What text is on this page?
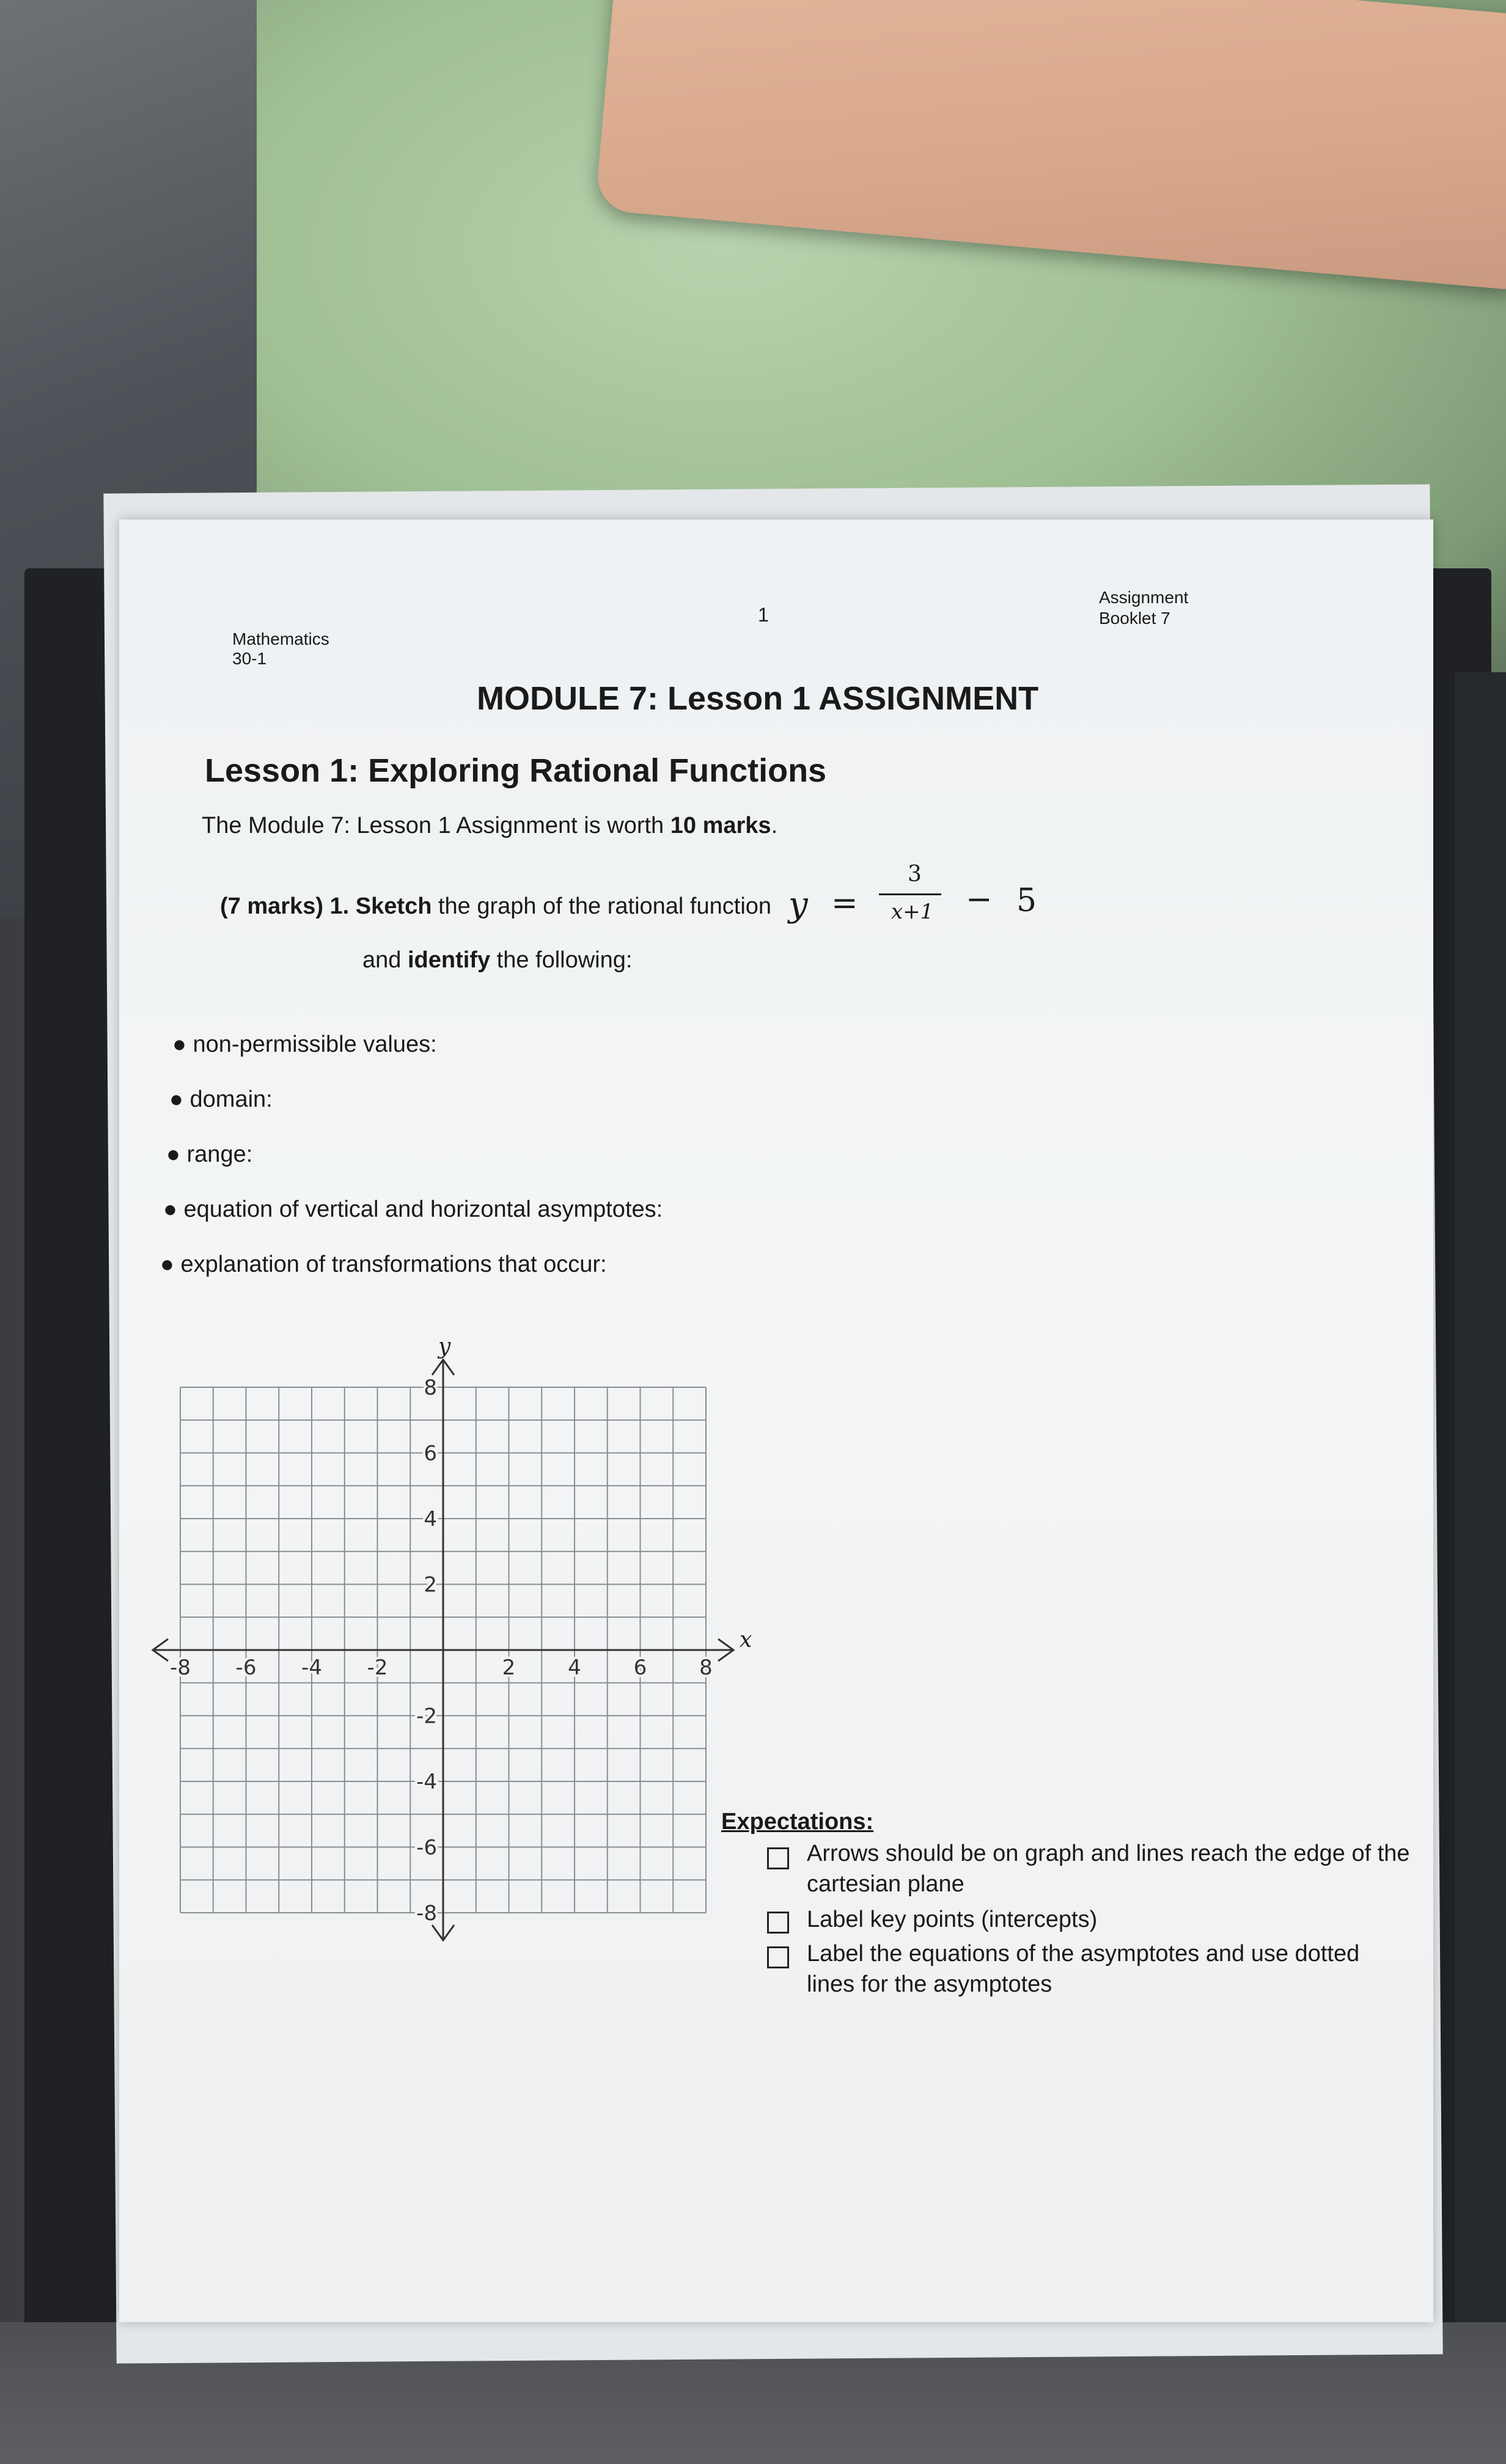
Mathematics
30-1
1
Assignment
Booklet 7
MODULE 7: Lesson 1 ASSIGNMENT
Lesson 1: Exploring Rational Functions
The Module 7: Lesson 1 Assignment is worth 10 marks.
(7 marks) 1. Sketch the graph of the rational function y =
3
x+1 − 5
and identify the following:
● non-permissible values:
● domain:
● range:
● equation of vertical and horizontal asymptotes:
● explanation of transformations that occur:
-8 -6 -4 -2	2	4	6	8
8
6
4
2
-2
-4
-6
-8
x
y
Expectations:
Arrows should be on graph and lines reach the edge of the
cartesian plane
Label key points (intercepts)
Label the equations of the asymptotes and use dotted
lines for the asymptotes
